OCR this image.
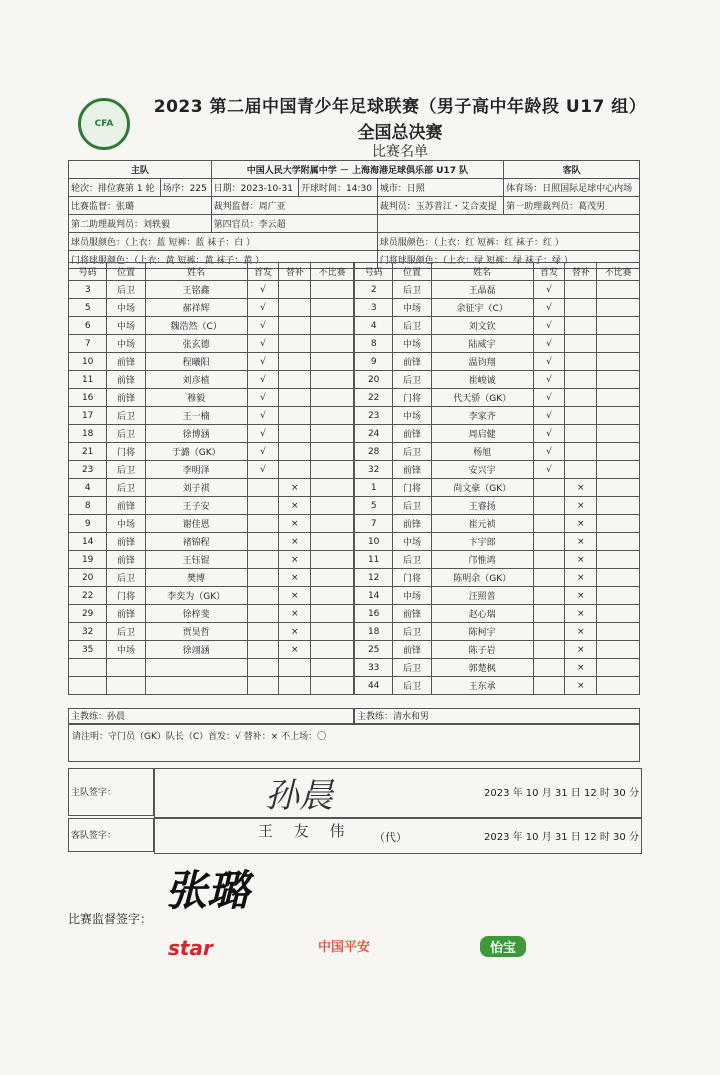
CFA
2023 第二届中国青少年足球联赛（男子高中年龄段 U17 组）
全国总决赛
比赛名单
主队		中国人民大学附属中学 － 上海海港足球俱乐部 U17 队			客队
轮次：排位赛第 1 轮	场序：225	日期：2023-10-31	开球时间：14:30	城市：日照	体育场：日照国际足球中心内场
比赛监督：张璐		裁判监督：周广亚		裁判员：玉苏普江・艾合麦提	第一助理裁判员：葛茂男
第二助理裁判员：刘轶毅		第四官员：李云超			
球员服颜色：（上衣：蓝 短裤：蓝 袜子：白 ）				球员服颜色：（上衣：红 短裤：红 袜子：红 ）	
门将球服颜色：（上衣：黄 短裤：黄 袜子：黄 ）				门将球服颜色：（上衣：绿 短裤：绿 袜子：绿 ）	
号码	位置	姓名	首发	替补	不比赛
3	后卫	王铭鑫	√		
5	中场	郝祥辉	√		
6	中场	魏浩然（C）	√		
7	中场	张玄德	√		
10	前锋	程曦阳	√		
11	前锋	刘彦植	√		
16	前锋	穆毅	√		
17	后卫	王一楠	√		
18	后卫	徐博涵	√		
21	门将	于潞（GK）	√		
23	后卫	李明泽	√		
4	后卫	刘子祺		×	
8	前锋	王子安		×	
9	中场	谢佳恩		×	
14	前锋	褚锦程		×	
19	前锋	王钰锟		×	
20	后卫	樊博		×	
22	门将	李奕为（GK）		×	
29	前锋	徐梓斐		×	
32	后卫	贾昊哲		×	
35	中场	徐翊涵		×	

号码	位置	姓名	首发	替补	不比赛
2	后卫	王晶磊	√		
3	中场	余征宇（C）	√		
4	后卫	刘文钦	√		
8	中场	陆威宇	√		
9	前锋	温钧翔	√		
20	后卫	崔峻诚	√		
22	门将	代天骄（GK）	√		
23	中场	李家齐	√		
24	前锋	周启健	√		
28	后卫	杨旭	√		
32	前锋	安兴宇	√		
1	门将	尚文豪（GK）		×	
5	后卫	王睿扬		×	
7	前锋	崔元祯		×	
10	中场	卞宇郎		×	
11	后卫	邝惟鸿		×	
12	门将	陈明余（GK）		×	
14	中场	汪照普		×	
16	前锋	赵心瑞		×	
18	后卫	陈柯宇		×	
25	前锋	陈子岩		×	
33	后卫	郭楚枫		×	
44	后卫	王东承		×	
主教练：孙晨	主教练：清水和男
请注明：守门员（GK）队长（C）首发：√ 替补：× 不上场：〇
主队签字：	孙晨	2023 年 10 月 31 日 12 时 30 分
客队签字：	王 友 伟 （代）	2023 年 10 月 31 日 12 时 30 分
张璐
比赛监督签字：
star	中国平安	怡宝
